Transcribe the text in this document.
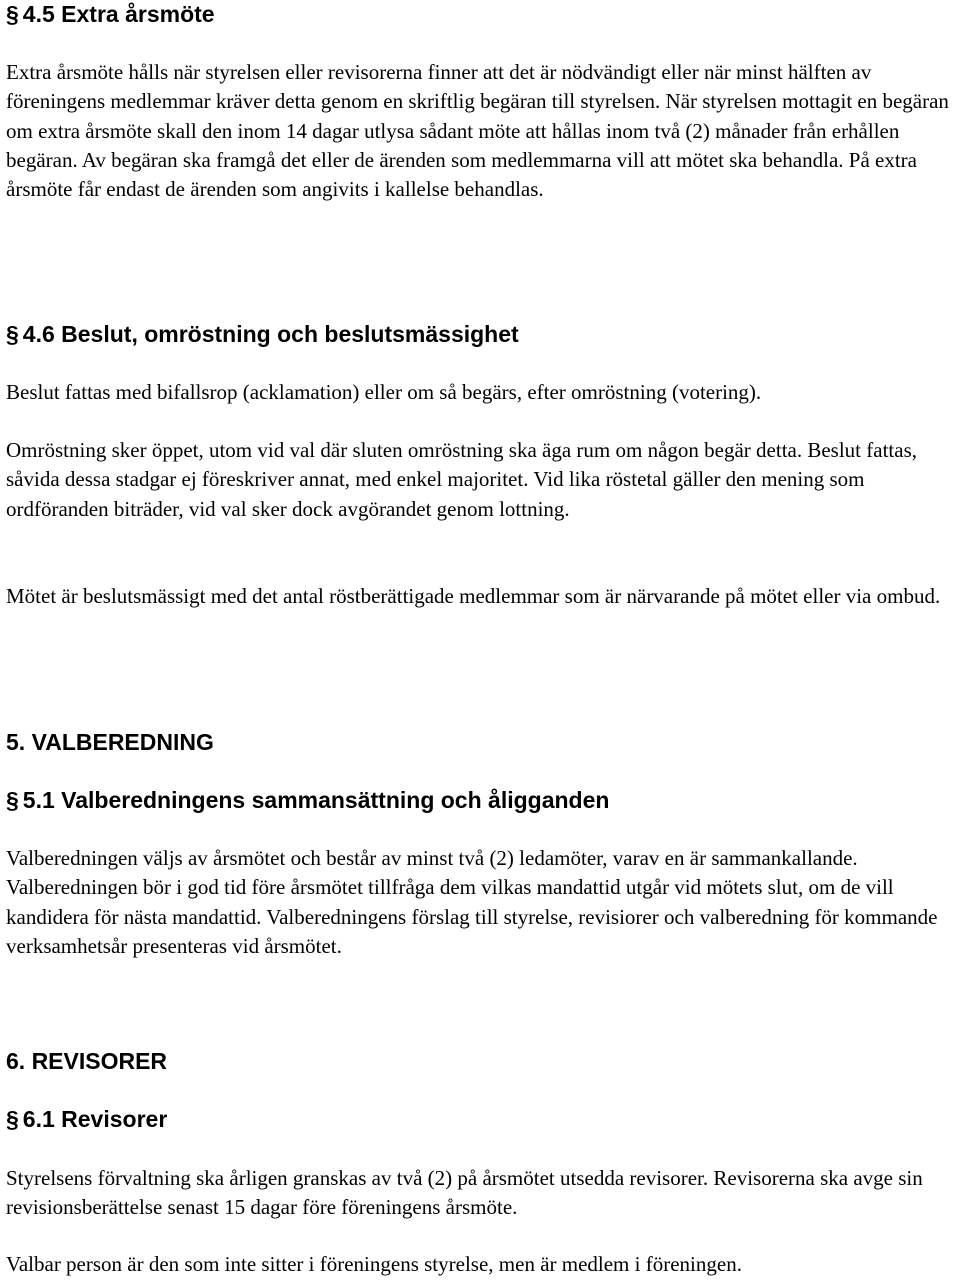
§ 4.5 Extra årsmöte

Extra årsmöte hålls när styrelsen eller revisorerna finner att det är nödvändigt eller när minst hälften av föreningens medlemmar kräver detta genom en skriftlig begäran till styrelsen. När styrelsen mottagit en begäran om extra årsmöte skall den inom 14 dagar utlysa sådant möte att hållas inom två (2) månader från erhållen begäran. Av begäran ska framgå det eller de ärenden som medlemmarna vill att mötet ska behandla. På extra årsmöte får endast de ärenden som angivits i kallelse behandlas.

§ 4.6 Beslut, omröstning och beslutsmässighet

Beslut fattas med bifallsrop (acklamation) eller om så begärs, efter omröstning (votering).

Omröstning sker öppet, utom vid val där sluten omröstning ska äga rum om någon begär detta. Beslut fattas, såvida dessa stadgar ej föreskriver annat, med enkel majoritet. Vid lika röstetal gäller den mening som ordföranden biträder, vid val sker dock avgörandet genom lottning.

Mötet är beslutsmässigt med det antal röstberättigade medlemmar som är närvarande på mötet eller via ombud.

5. VALBEREDNING
§ 5.1 Valberedningens sammansättning och åligganden

Valberedningen väljs av årsmötet och består av minst två (2) ledamöter, varav en är sammankallande. Valberedningen bör i god tid före årsmötet tillfråga dem vilkas mandattid utgår vid mötets slut, om de vill kandidera för nästa mandattid. Valberedningens förslag till styrelse, revisiorer och valberedning för kommande verksamhetsår presenteras vid årsmötet.

6. REVISORER
§ 6.1 Revisorer

Styrelsens förvaltning ska årligen granskas av två (2) på årsmötet utsedda revisorer. Revisorerna ska avge sin revisionsberättelse senast 15 dagar före föreningens årsmöte.

Valbar person är den som inte sitter i föreningens styrelse, men är medlem i föreningen.
